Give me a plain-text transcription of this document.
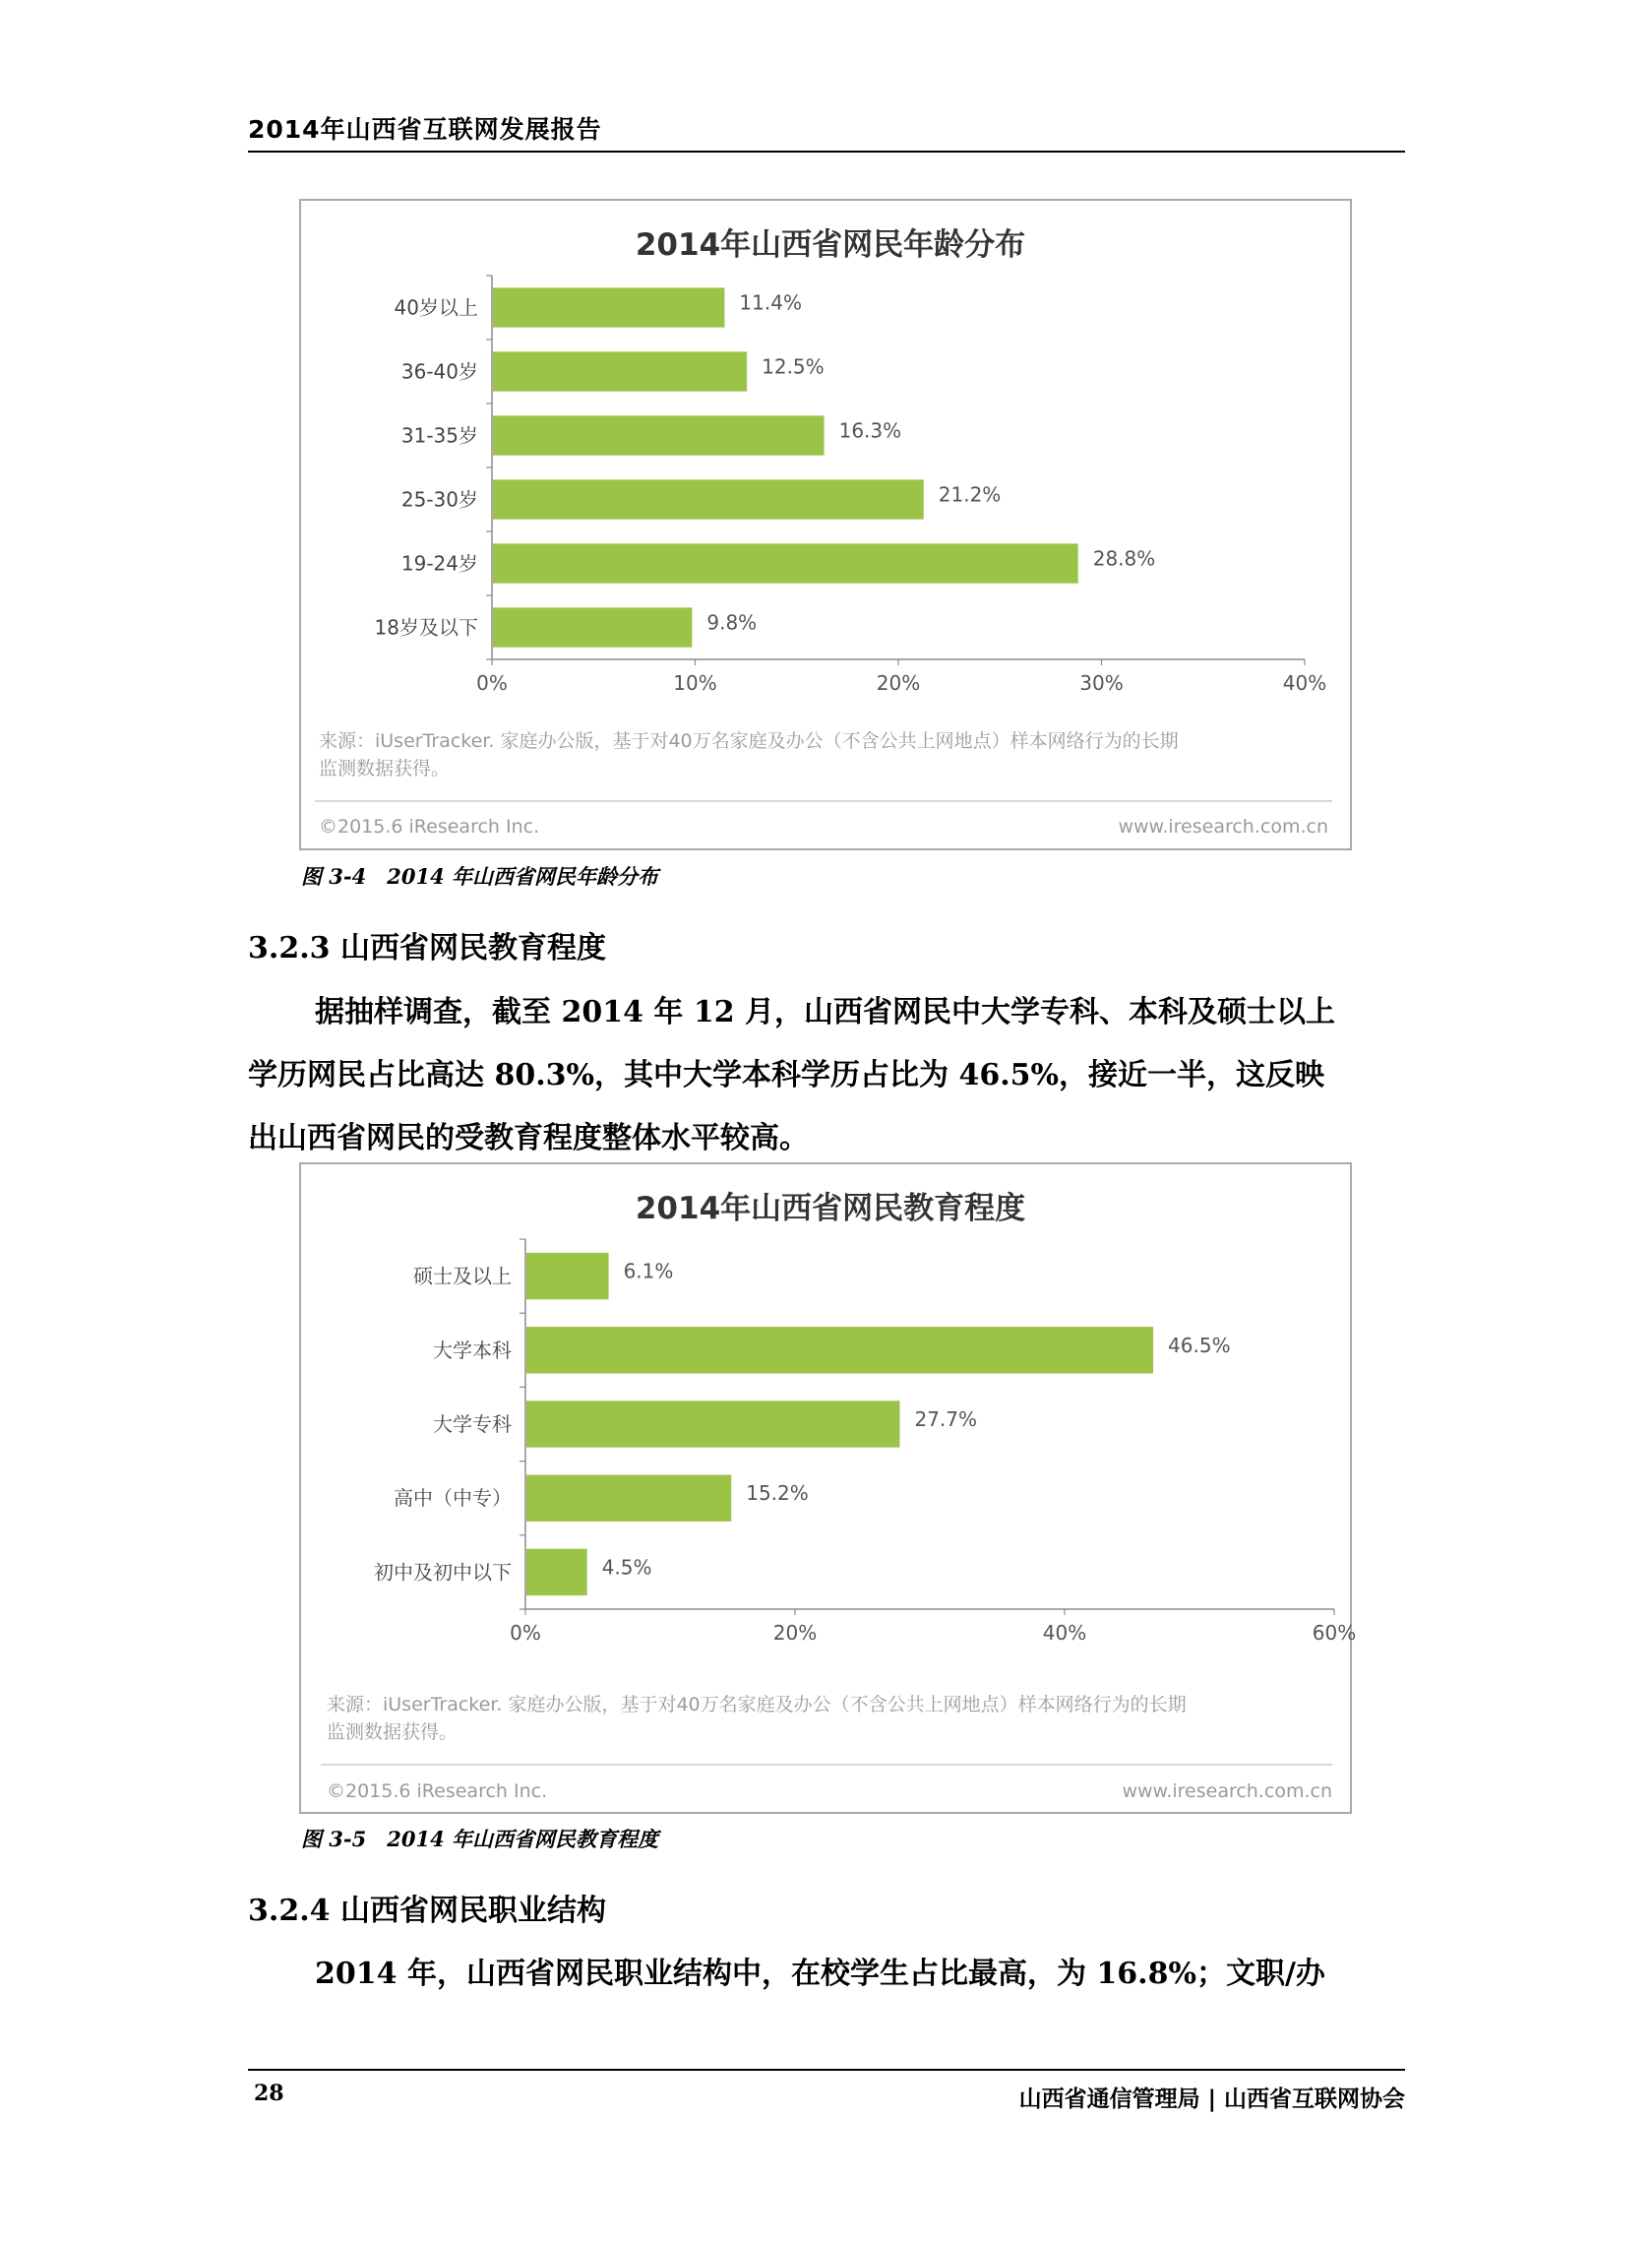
2014年山西省互联网发展报告
2014年山西省网民年龄分布
40岁以上	11.4%
36-40岁	12.5%
31-35岁	16.3%
25-30岁	21.2%
19-24岁	28.8%
18岁及以下	9.8%
0%	10%	20%	30%	40%
来源：iUserTracker. 家庭办公版，基于对40万名家庭及办公（不含公共上网地点）样本网络行为的长期
监测数据获得。
©2015.6 iResearch Inc.	www.iresearch.com.cn
图 3-4　2014 年山西省网民年龄分布
3.2.3 山西省网民教育程度
据抽样调查，截至 2014 年 12 月，山西省网民中大学专科、本科及硕士以上
学历网民占比高达 80.3%，其中大学本科学历占比为 46.5%，接近一半，这反映
出山西省网民的受教育程度整体水平较高。
2014年山西省网民教育程度
硕士及以上	6.1%
大学本科	46.5%
大学专科	27.7%
高中（中专）	15.2%
初中及初中以下	4.5%
0%	20%	40%	60%
来源：iUserTracker. 家庭办公版，基于对40万名家庭及办公（不含公共上网地点）样本网络行为的长期
监测数据获得。
©2015.6 iResearch Inc.	www.iresearch.com.cn
图 3-5　2014 年山西省网民教育程度
3.2.4 山西省网民职业结构
2014 年，山西省网民职业结构中，在校学生占比最高，为 16.8%；文职/办
28	山西省通信管理局 | 山西省互联网协会
